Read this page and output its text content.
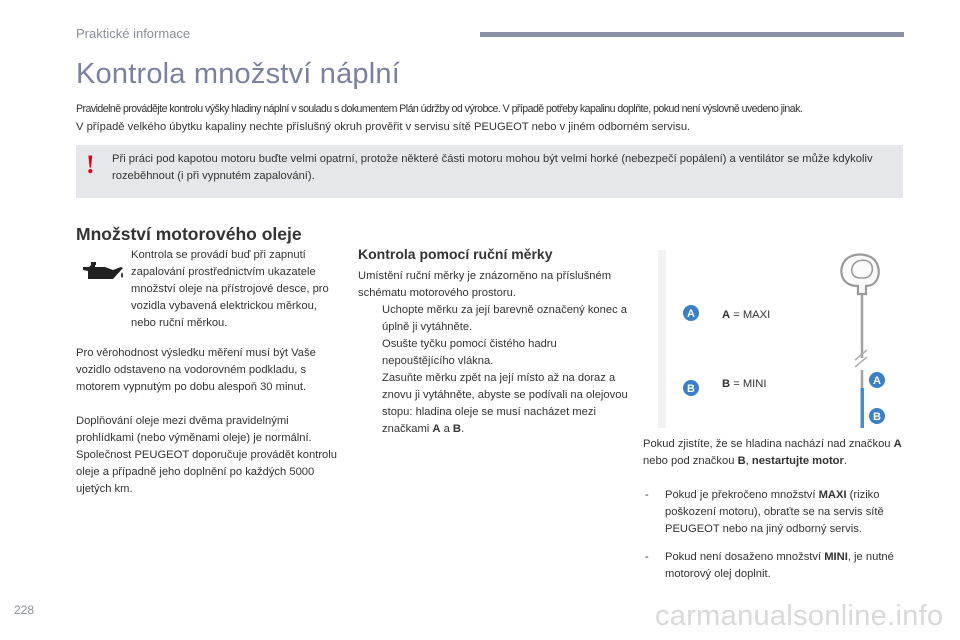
Praktické informace
Kontrola množství náplní
Pravidelně provádějte kontrolu výšky hladiny náplní v souladu s dokumentem Plán údržby od výrobce. V případě potřeby kapalinu doplňte, pokud není výslovně uvedeno jinak.
V případě velkého úbytku kapaliny nechte příslušný okruh prověřit v servisu sítě PEUGEOT nebo v jiném odborném servisu.
! Při práci pod kapotou motoru buďte velmi opatrní, protože některé části motoru mohou být velmi horké (nebezpečí popálení) a ventilátor se může kdykoliv rozeběhnout (i při vypnutém zapalování).
Množství motorového oleje
Kontrola se provádí buď při zapnutí zapalování prostřednictvím ukazatele množství oleje na přístrojové desce, pro vozidla vybavená elektrickou měrkou, nebo ruční měrkou.
Pro věrohodnost výsledku měření musí být Vaše vozidlo odstaveno na vodorovném podkladu, s motorem vypnutým po dobu alespoň 30 minut.
Doplňování oleje mezi dvěma pravidelnými prohlídkami (nebo výměnami oleje) je normální. Společnost PEUGEOT doporučuje provádět kontrolu oleje a případně jeho doplnění po každých 5000 ujetých km.
Kontrola pomocí ruční měrky
Umístění ruční měrky je znázorněno na příslušném schématu motorového prostoru.
Uchopte měrku za její barevně označený konec a úplně ji vytáhněte.
Osušte tyčku pomocí čistého hadru nepouštějícího vlákna.
Zasuňte měrku zpět na její místo až na doraz a znovu ji vytáhněte, abyste se podívali na olejovou stopu: hladina oleje se musí nacházet mezi značkami A a B.
A
B
A
B
A = MAXI
B = MINI
Pokud zjistíte, že se hladina nachází nad značkou A nebo pod značkou B, nestartujte motor.
- Pokud je překročeno množství MAXI (riziko poškození motoru), obraťte se na servis sítě PEUGEOT nebo na jiný odborný servis.
- Pokud není dosaženo množství MINI, je nutné motorový olej doplnit.
228	carmanualsonline.info
